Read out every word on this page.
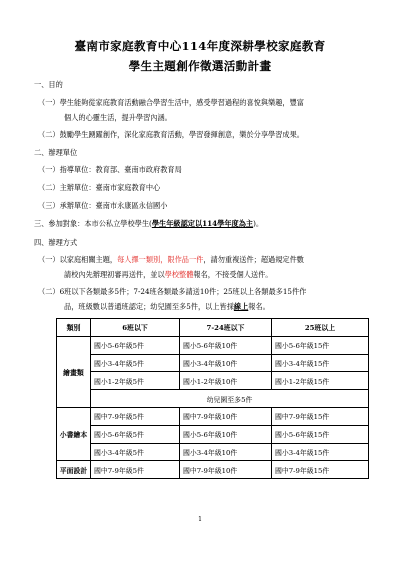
臺南市家庭教育中心114年度深耕學校家庭教育
學生主題創作徵選活動計畫
一、目的
（一）學生能夠從家庭教育活動融合學習生活中，感受學習過程的喜悅與樂趣，豐富
個人的心靈生活，提升學習內涵。
（二）鼓勵學生踴躍創作，深化家庭教育活動，學習發揮創意，樂於分享學習成果。
二、辦理單位
（一）指導單位：教育部、臺南市政府教育局
（二）主辦單位：臺南市家庭教育中心
（三）承辦單位：臺南市永康區永信國小
三、參加對象：本市公私立學校學生(學生年級認定以114學年度為主)。
四、辦理方式
（一）以家庭相關主題，每人擇一類別，限作品一件，請勿重複送件；超過規定件數
請校內先辦理初審再送件，並以學校整體報名，不接受個人送件。
（二）6班以下各類最多5件；7-24班各類最多請送10件；25班以上各類最多15件作
品，班級數以普通班認定；幼兒園至多5件，以上皆採線上報名。
類別	6班以下	7-24班以下	25班以上
繪畫類	國小5-6年級5件	國小5-6年級10件	國小5-6年級15件
	國小3-4年級5件	國小3-4年級10件	國小3-4年級15件
	國小1-2年級5件	國小1-2年級10件	國小1-2年級15件
	幼兒園至多5件		
小書繪本	國中7-9年級5件	國中7-9年級10件	國中7-9年級15件
	國小5-6年級5件	國小5-6年級10件	國小5-6年級15件
	國小3-4年級5件	國小3-4年級10件	國小3-4年級15件
平面設計	國中7-9年級5件	國中7-9年級10件	國中7-9年級15件
1
